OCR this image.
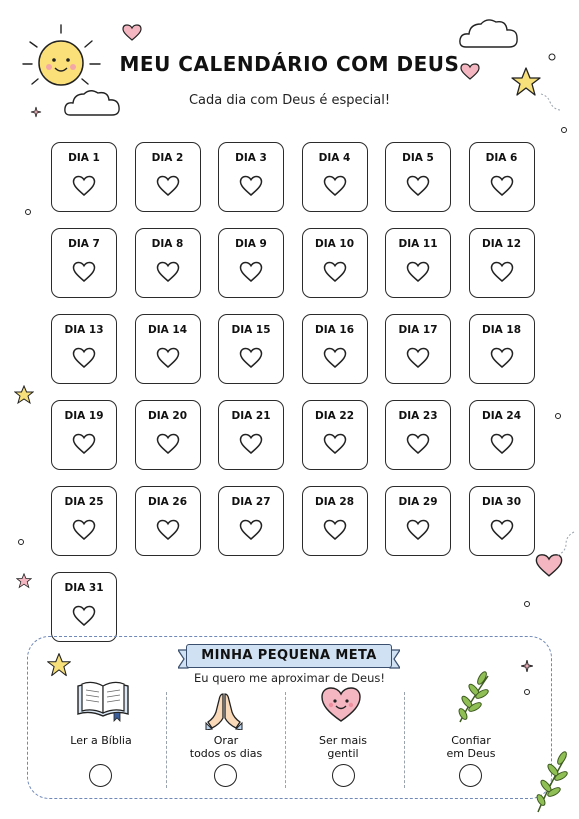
MEU CALENDÁRIO COM DEUS
Cada dia com Deus é especial!
DIA 1	DIA 2	DIA 3	DIA 4	DIA 5	DIA 6
DIA 7	DIA 8	DIA 9	DIA 10	DIA 11	DIA 12
DIA 13	DIA 14	DIA 15	DIA 16	DIA 17	DIA 18
DIA 19	DIA 20	DIA 21	DIA 22	DIA 23	DIA 24
DIA 25	DIA 26	DIA 27	DIA 28	DIA 29	DIA 30
DIA 31
MINHA PEQUENA META
Eu quero me aproximar de Deus!
Ler a Bíblia	Orar
todos os dias
Ser mais
gentil
Confiar
em Deus
